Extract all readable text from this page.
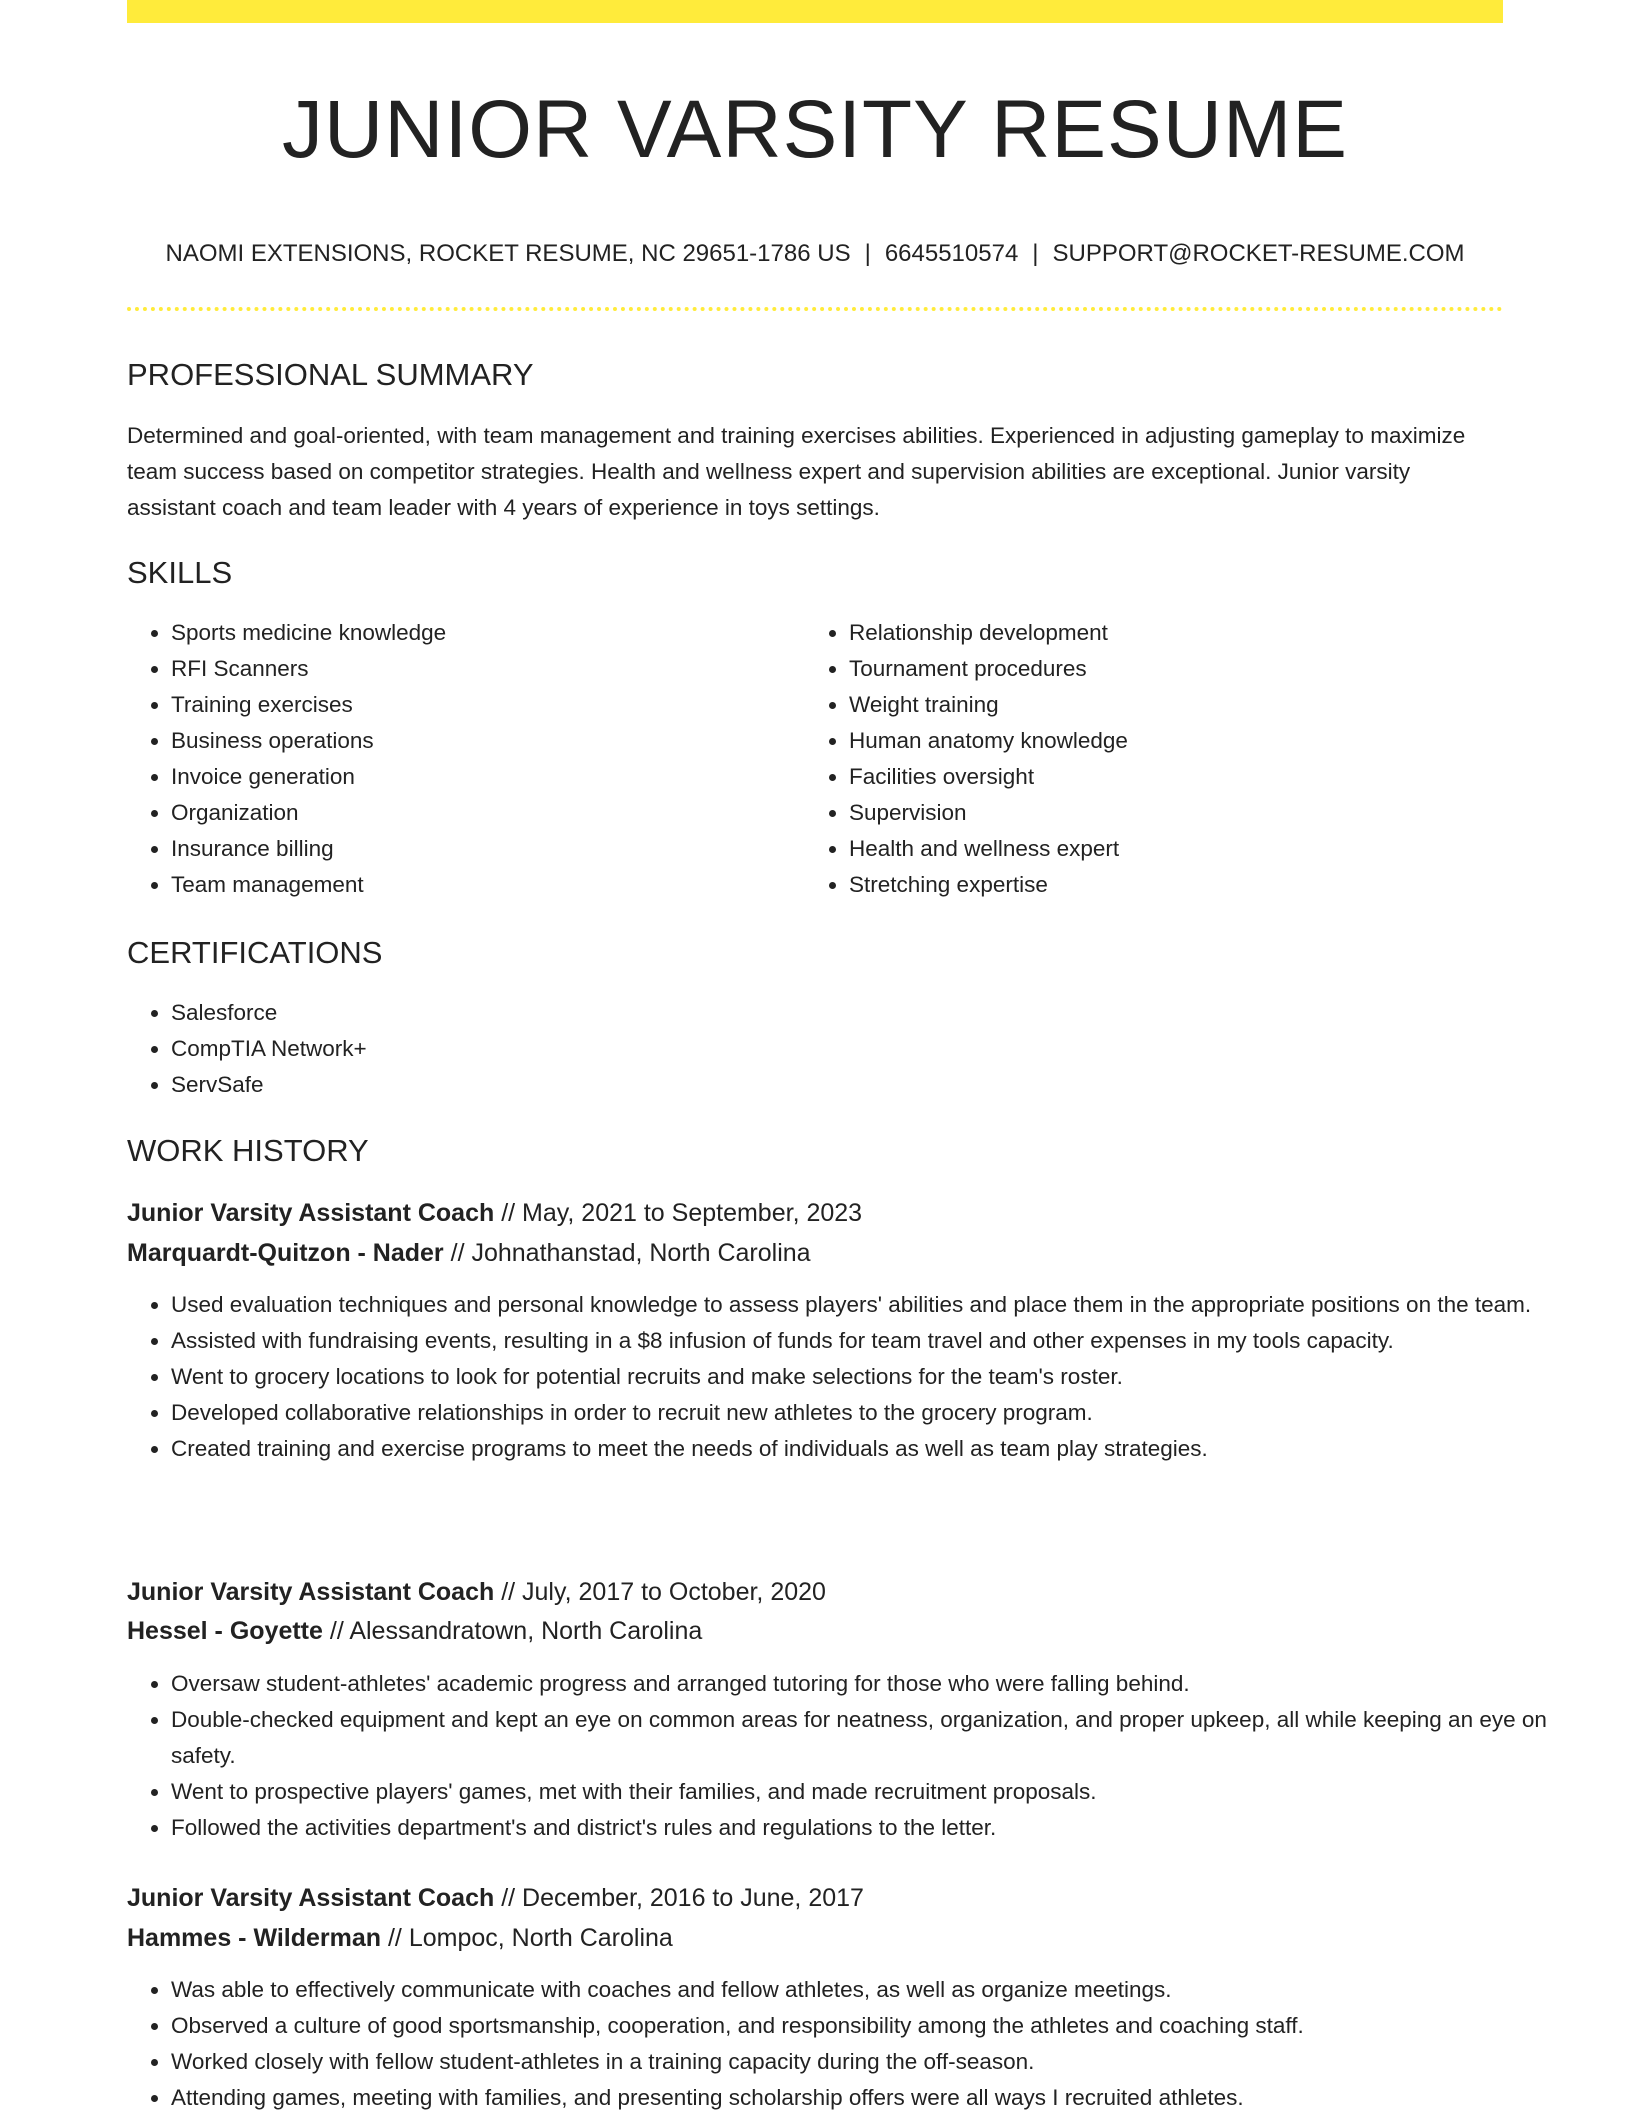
JUNIOR VARSITY RESUME
NAOMI EXTENSIONS, ROCKET RESUME, NC 29651-1786 US | 6645510574 | SUPPORT@ROCKET-RESUME.COM
PROFESSIONAL SUMMARY

Determined and goal-oriented, with team management and training exercises abilities. Experienced in adjusting gameplay to maximize team success based on competitor strategies. Health and wellness expert and supervision abilities are exceptional. Junior varsity assistant coach and team leader with 4 years of experience in toys settings.

SKILLS
• Sports medicine knowledge
• RFI Scanners
• Training exercises
• Business operations
• Invoice generation
• Organization
• Insurance billing
• Team management
• Relationship development
• Tournament procedures
• Weight training
• Human anatomy knowledge
• Facilities oversight
• Supervision
• Health and wellness expert
• Stretching expertise
CERTIFICATIONS
• Salesforce
• CompTIA Network+
• ServSafe
WORK HISTORY
Junior Varsity Assistant Coach // May, 2021 to September, 2023
Marquardt-Quitzon - Nader // Johnathanstad, North Carolina
• Used evaluation techniques and personal knowledge to assess players' abilities and place them in the appropriate positions on the team.
• Assisted with fundraising events, resulting in a $8 infusion of funds for team travel and other expenses in my tools capacity.
• Went to grocery locations to look for potential recruits and make selections for the team's roster.
• Developed collaborative relationships in order to recruit new athletes to the grocery program.
• Created training and exercise programs to meet the needs of individuals as well as team play strategies.
Junior Varsity Assistant Coach // July, 2017 to October, 2020
Hessel - Goyette // Alessandratown, North Carolina
• Oversaw student-athletes' academic progress and arranged tutoring for those who were falling behind.
• Double-checked equipment and kept an eye on common areas for neatness, organization, and proper upkeep, all while keeping an eye on safety.
• Went to prospective players' games, met with their families, and made recruitment proposals.
• Followed the activities department's and district's rules and regulations to the letter.
Junior Varsity Assistant Coach // December, 2016 to June, 2017
Hammes - Wilderman // Lompoc, North Carolina
• Was able to effectively communicate with coaches and fellow athletes, as well as organize meetings.
• Observed a culture of good sportsmanship, cooperation, and responsibility among the athletes and coaching staff.
• Worked closely with fellow student-athletes in a training capacity during the off-season.
• Attending games, meeting with families, and presenting scholarship offers were all ways I recruited athletes.
